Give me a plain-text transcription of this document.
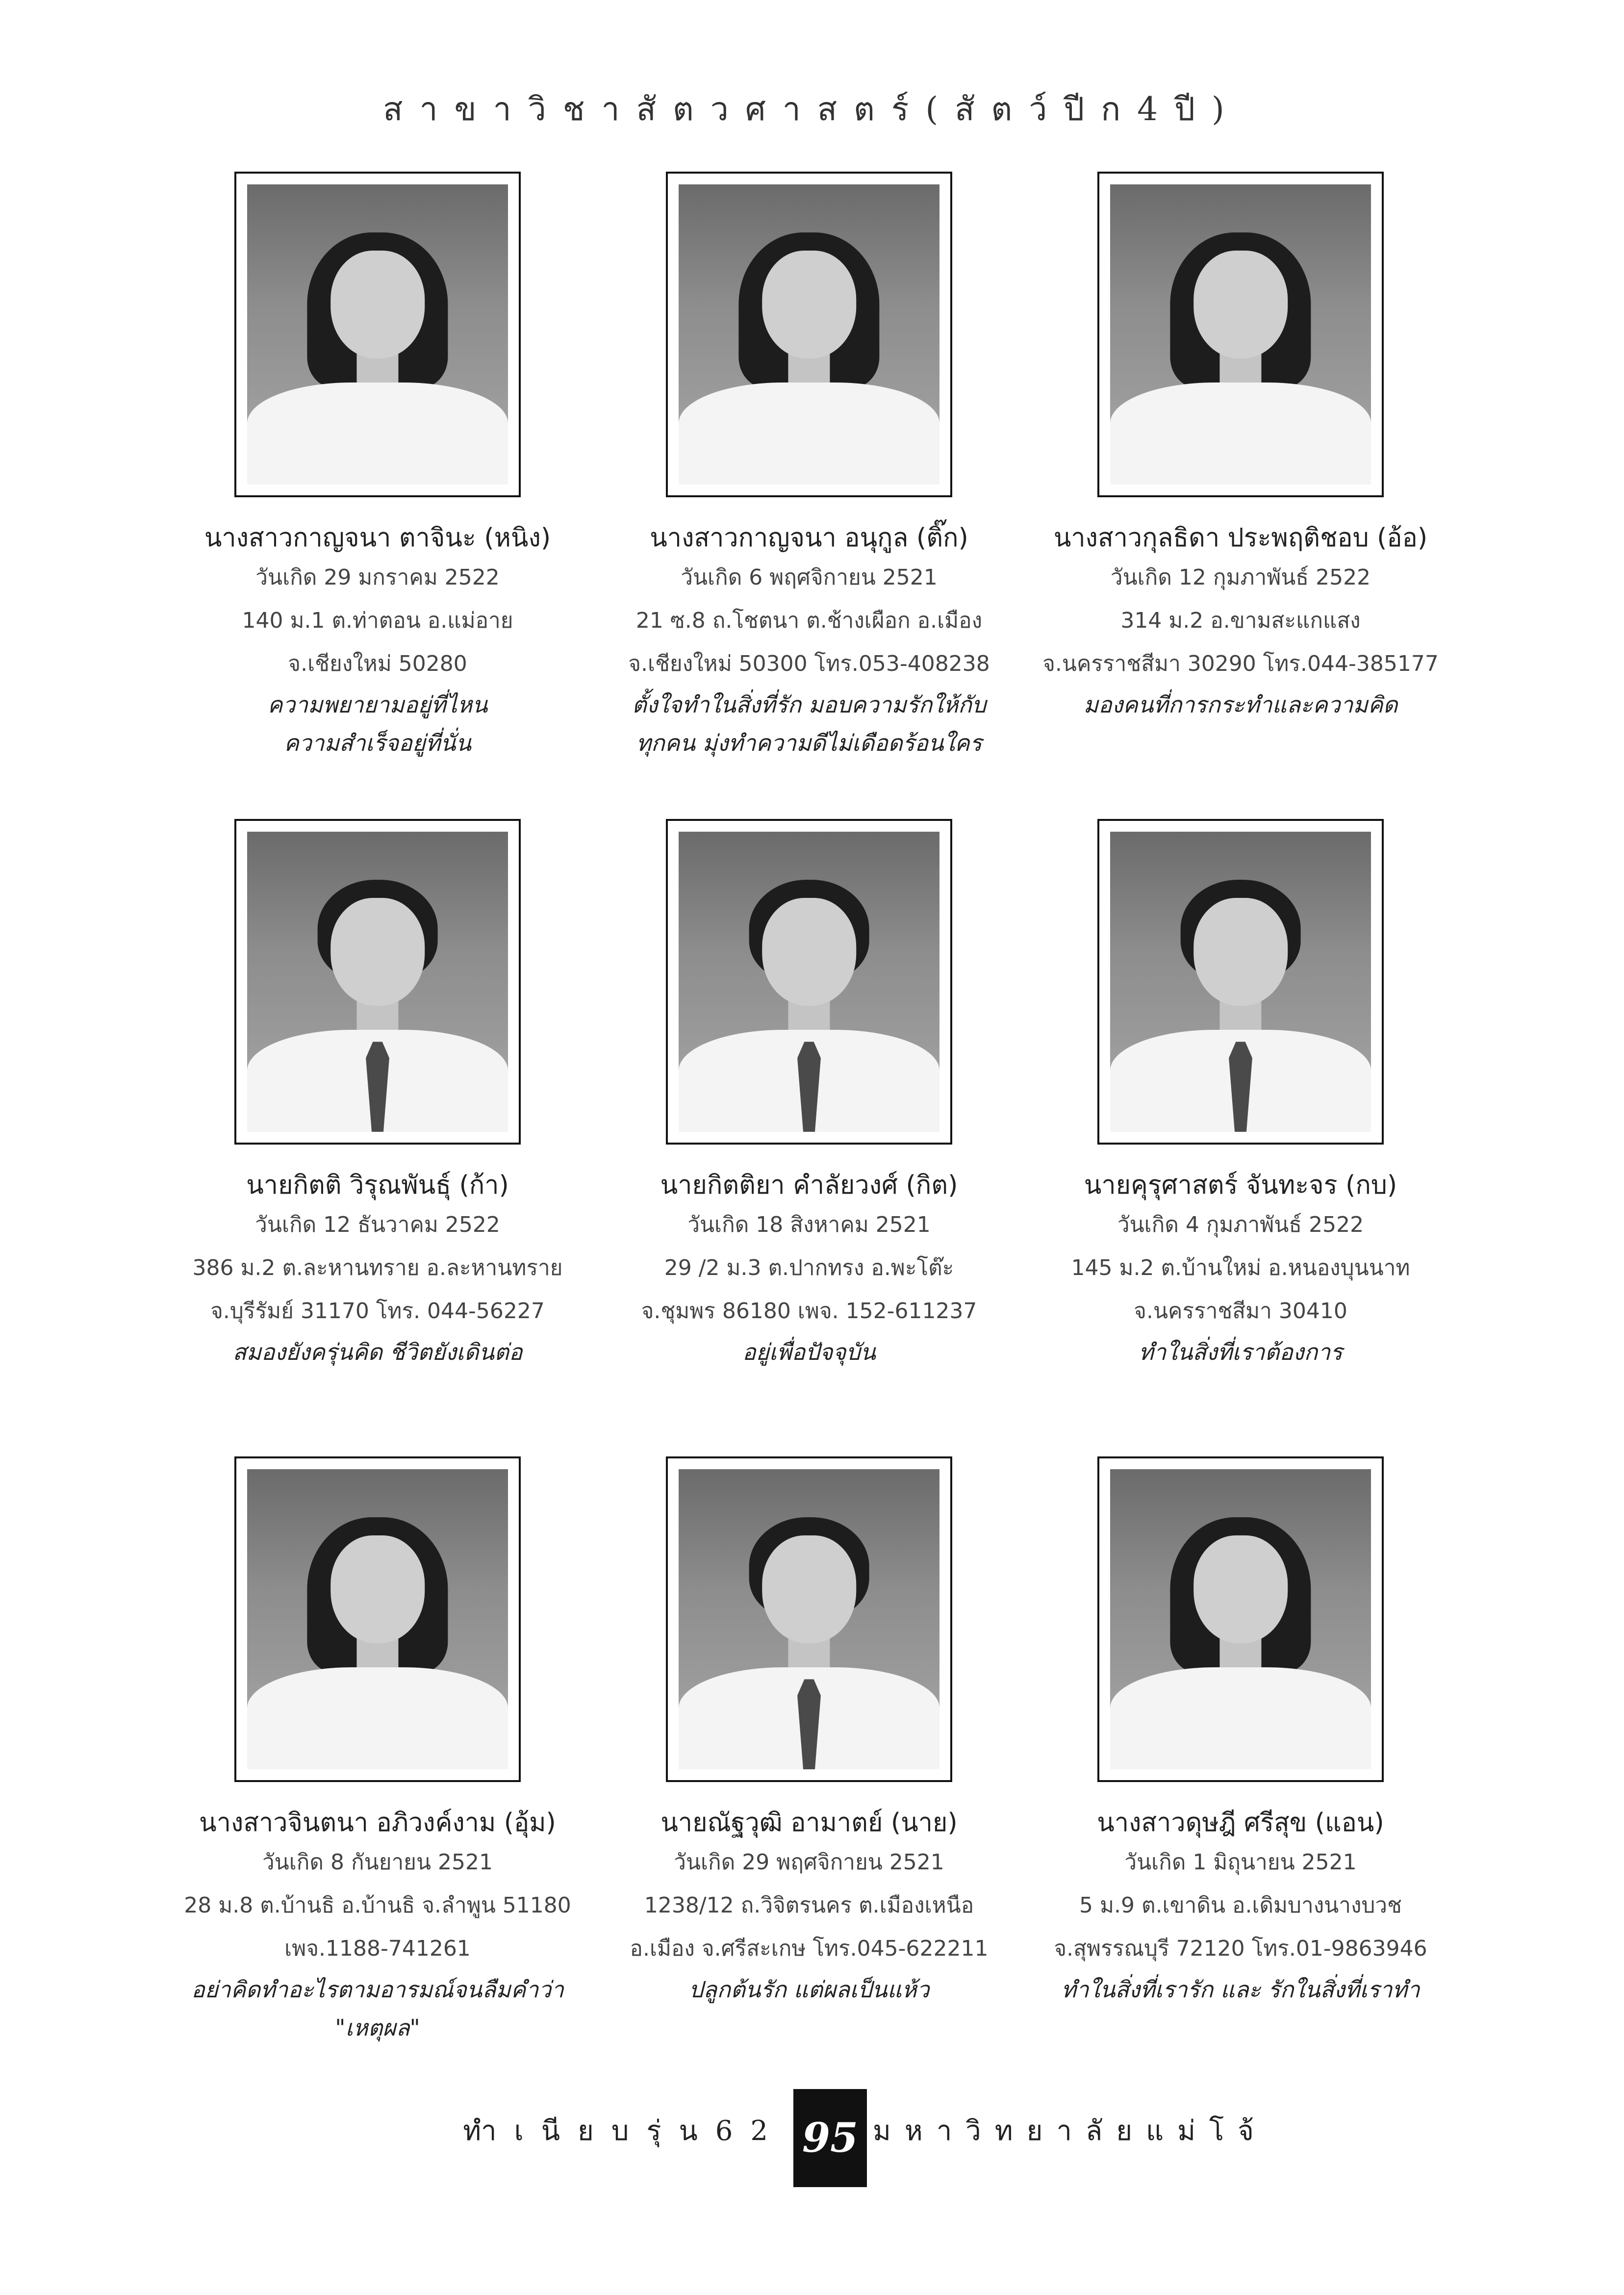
สาขาวิชาสัตวศาสตร์(สัตว์ปีก4ปี)
นางสาวกาญจนา ตาจินะ (หนิง)
วันเกิด 29 มกราคม 2522
140 ม.1 ต.ท่าตอน อ.แม่อาย
จ.เชียงใหม่ 50280
ความพยายามอยู่ที่ไหน
ความสำเร็จอยู่ที่นั่น
นางสาวกาญจนา อนุกูล (ติ๊ก)
วันเกิด 6 พฤศจิกายน 2521
21 ซ.8 ถ.โชตนา ต.ช้างเผือก อ.เมือง
จ.เชียงใหม่ 50300 โทร.053-408238
ตั้งใจทำในสิ่งที่รัก มอบความรักให้กับ
ทุกคน มุ่งทำความดีไม่เดือดร้อนใคร
นางสาวกุลธิดา ประพฤติชอบ (อ้อ)
วันเกิด 12 กุมภาพันธ์ 2522
314 ม.2 อ.ขามสะแกแสง
จ.นครราชสีมา 30290 โทร.044-385177
มองคนที่การกระทำและความคิด
นายกิตติ วิรุณพันธุ์ (ก้า)
วันเกิด 12 ธันวาคม 2522
386 ม.2 ต.ละหานทราย อ.ละหานทราย
จ.บุรีรัมย์ 31170 โทร. 044-56227
สมองยังครุ่นคิด ชีวิตยังเดินต่อ
นายกิตติยา คำลัยวงศ์ (กิต)
วันเกิด 18 สิงหาคม 2521
29 /2 ม.3 ต.ปากทรง อ.พะโต๊ะ
จ.ชุมพร 86180 เพจ. 152-611237
อยู่เพื่อปัจจุบัน
นายคุรุศาสตร์ จันทะจร (กบ)
วันเกิด 4 กุมภาพันธ์ 2522
145 ม.2 ต.บ้านใหม่ อ.หนองบุนนาท
จ.นครราชสีมา 30410
ทำในสิ่งที่เราต้องการ
นางสาวจินตนา อภิวงค์งาม (อุ้ม)
วันเกิด 8 กันยายน 2521
28 ม.8 ต.บ้านธิ อ.บ้านธิ จ.ลำพูน 51180
เพจ.1188-741261
อย่าคิดทำอะไรตามอารมณ์จนลืมคำว่า
"เหตุผล"
นายณัฐวุฒิ อามาตย์ (นาย)
วันเกิด 29 พฤศจิกายน 2521
1238/12 ถ.วิจิตรนคร ต.เมืองเหนือ
อ.เมือง จ.ศรีสะเกษ โทร.045-622211
ปลูกต้นรัก แต่ผลเป็นแห้ว
นางสาวดุษฎี ศรีสุข (แอน)
วันเกิด 1 มิถุนายน 2521
5 ม.9 ต.เขาดิน อ.เดิมบางนางบวช
จ.สุพรรณบุรี 72120 โทร.01-9863946
ทำในสิ่งที่เรารัก และ รักในสิ่งที่เราทำ
ทำเนียบรุ่น62 95 มหาวิทยาลัยแม่โจ้
